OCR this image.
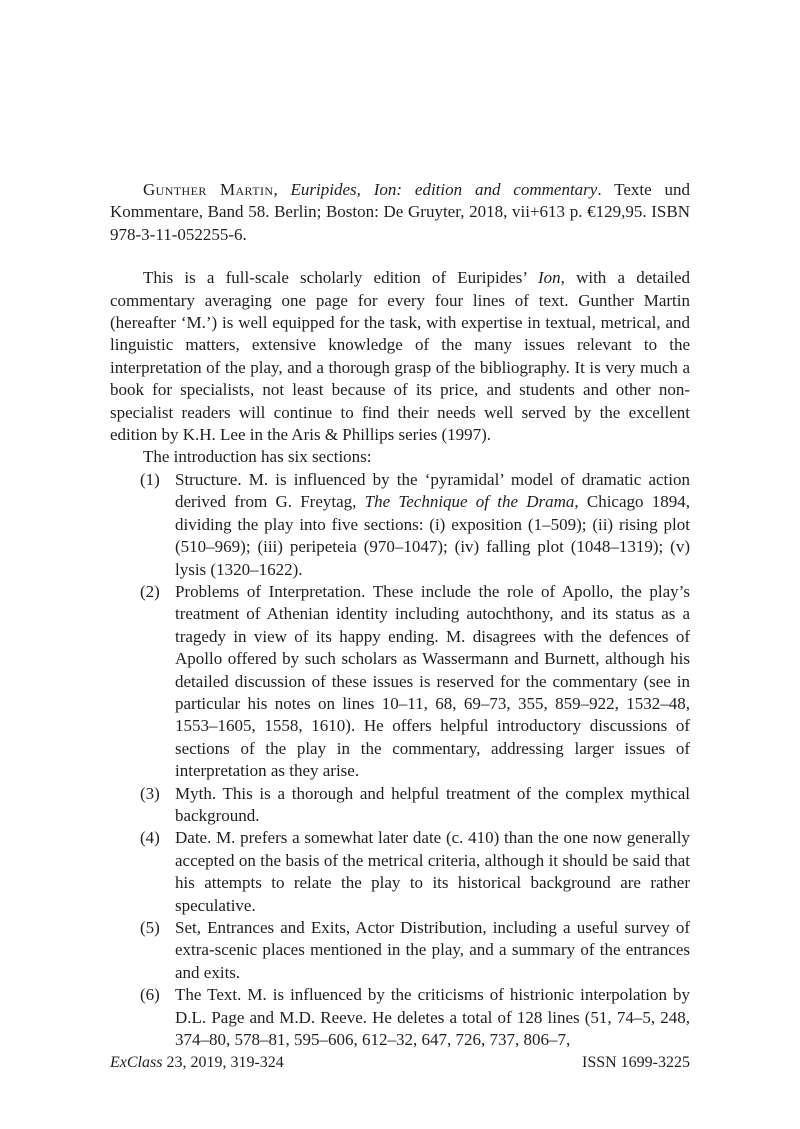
Gunther Martin, Euripides, Ion: edition and commentary. Texte und Kommentare, Band 58. Berlin; Boston: De Gruyter, 2018, vii+613 p. €129,95. ISBN 978-3-11-052255-6.

This is a full-scale scholarly edition of Euripides’ Ion, with a detailed commentary averaging one page for every four lines of text. Gunther Martin (hereafter ‘M.’) is well equipped for the task, with expertise in textual, metrical, and linguistic matters, extensive knowledge of the many issues relevant to the interpretation of the play, and a thorough grasp of the bibliography. It is very much a book for specialists, not least because of its price, and students and other non-specialist readers will continue to find their needs well served by the excellent edition by K.H. Lee in the Aris & Phillips series (1997).

The introduction has six sections:

(1) Structure. M. is influenced by the ‘pyramidal’ model of dramatic action derived from G. Freytag, The Technique of the Drama, Chicago 1894, dividing the play into five sections: (i) exposition (1–509); (ii) rising plot (510–969); (iii) peripeteia (970–1047); (iv) falling plot (1048–1319); (v) lysis (1320–1622).
(2) Problems of Interpretation. These include the role of Apollo, the play’s treatment of Athenian identity including autochthony, and its status as a tragedy in view of its happy ending. M. disagrees with the defences of Apollo offered by such scholars as Wassermann and Burnett, although his detailed discussion of these issues is reserved for the commentary (see in particular his notes on lines 10–11, 68, 69–73, 355, 859–922, 1532–48, 1553–1605, 1558, 1610). He offers helpful introductory discussions of sections of the play in the commentary, addressing larger issues of interpretation as they arise.
(3) Myth. This is a thorough and helpful treatment of the complex mythical background.
(4) Date. M. prefers a somewhat later date (c. 410) than the one now generally accepted on the basis of the metrical criteria, although it should be said that his attempts to relate the play to its historical background are rather speculative.
(5) Set, Entrances and Exits, Actor Distribution, including a useful survey of extra-scenic places mentioned in the play, and a summary of the entrances and exits.
(6) The Text. M. is influenced by the criticisms of histrionic interpolation by D.L. Page and M.D. Reeve. He deletes a total of 128 lines (51, 74–5, 248, 374–80, 578–81, 595–606, 612–32, 647, 726, 737, 806–7,
ExClass 23, 2019, 319-324	ISSN 1699-3225
